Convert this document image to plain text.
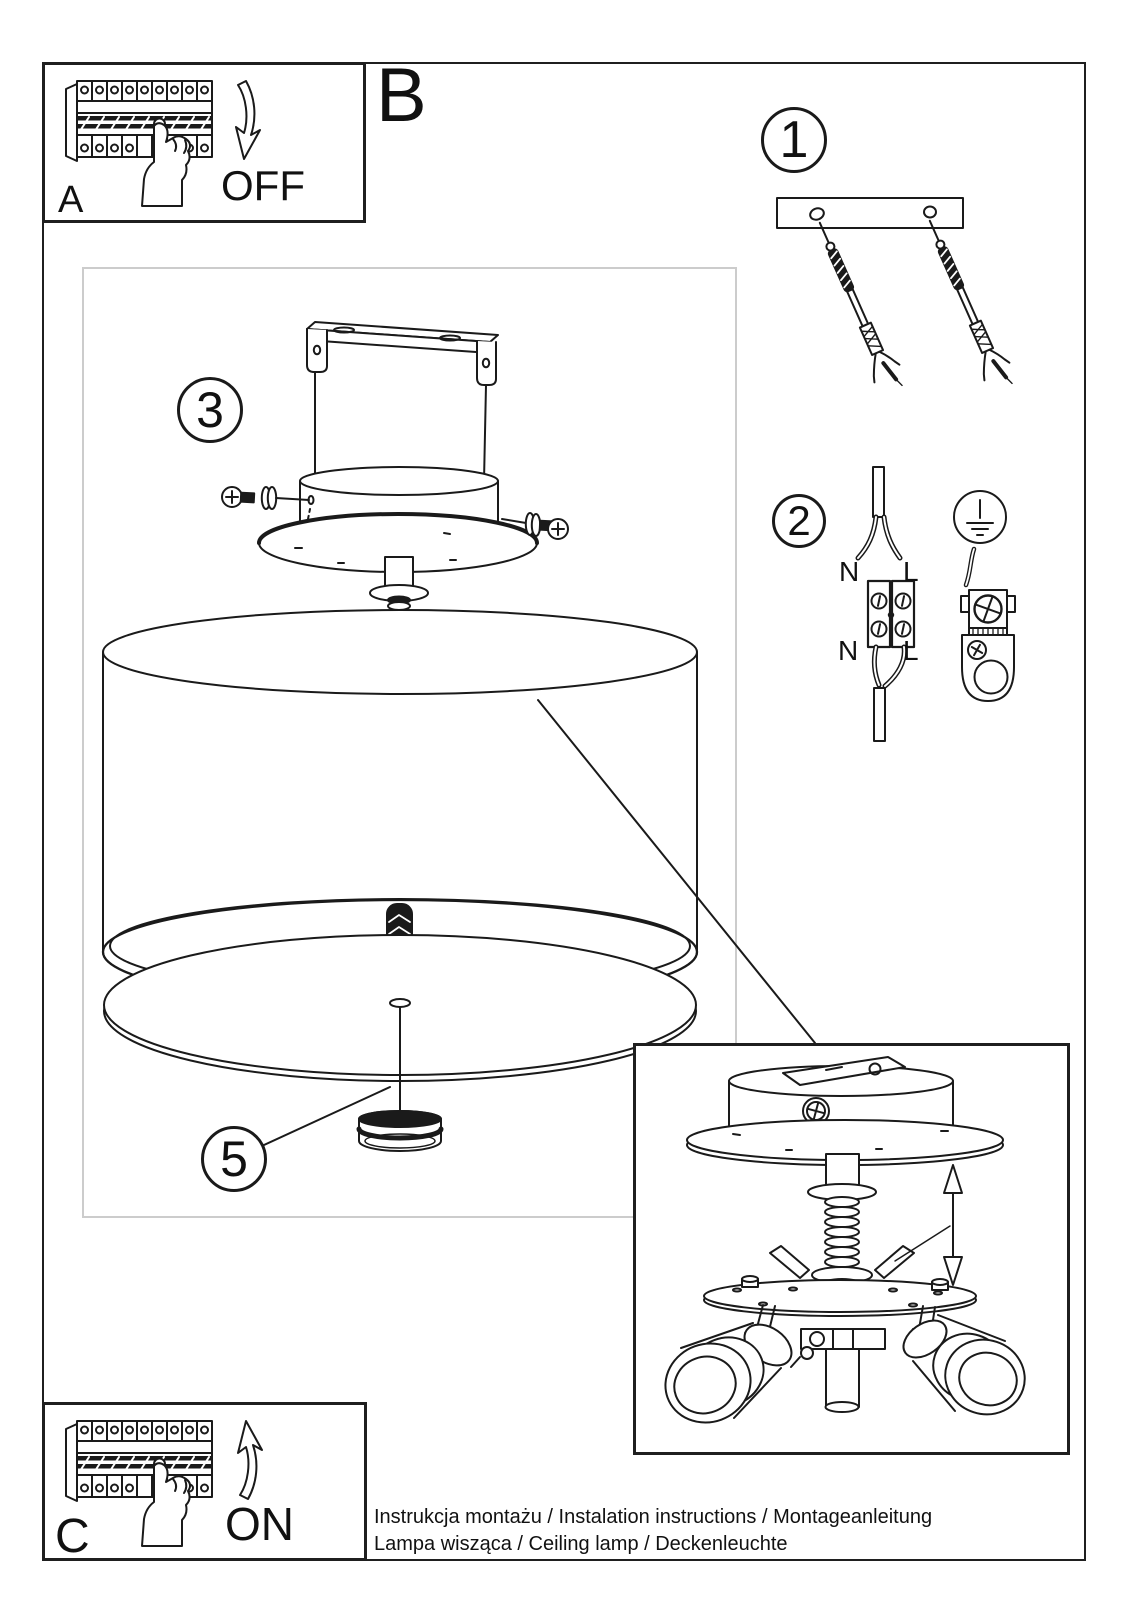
A	OFF
B
C	ON
1
2
3
5
N L
N L
Instrukcja montażu / Instalation instructions / Montageanleitung
Lampa wisząca / Ceiling lamp / Deckenleuchte
